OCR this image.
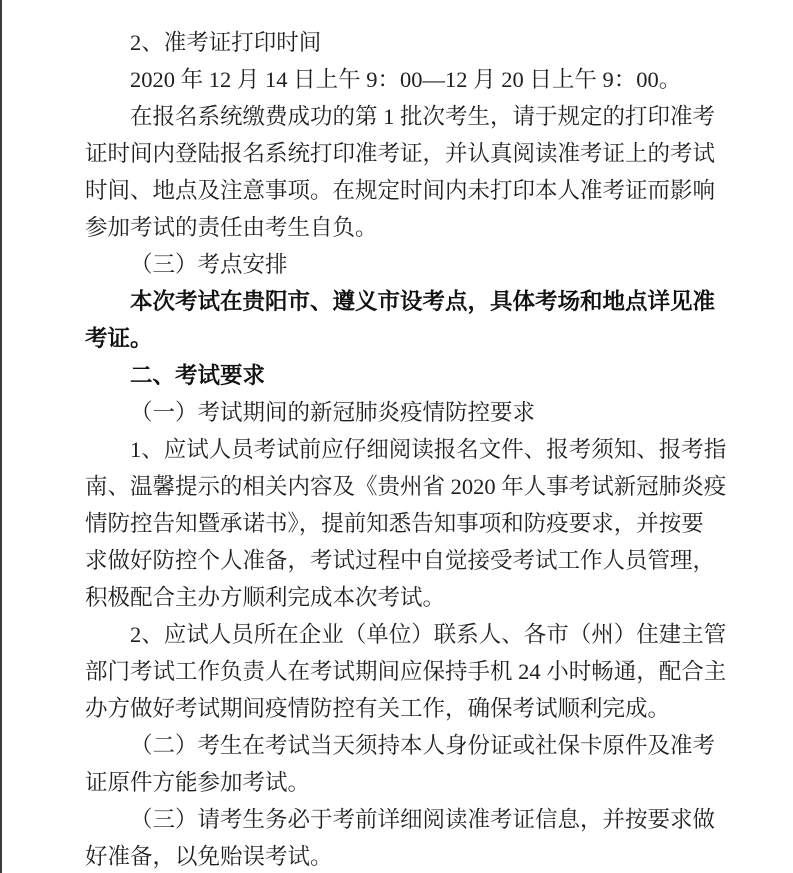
2、准考证打印时间
2020 年 12 月 14 日上午 9：00—12 月 20 日上午 9：00。
在报名系统缴费成功的第 1 批次考生，请于规定的打印准考
证时间内登陆报名系统打印准考证，并认真阅读准考证上的考试
时间、地点及注意事项。在规定时间内未打印本人准考证而影响
参加考试的责任由考生自负。
（三）考点安排
本次考试在贵阳市、遵义市设考点，具体考场和地点详见准
考证。
二、考试要求
（一）考试期间的新冠肺炎疫情防控要求
1、应试人员考试前应仔细阅读报名文件、报考须知、报考指
南、温馨提示的相关内容及《贵州省 2020 年人事考试新冠肺炎疫
情防控告知暨承诺书》，提前知悉告知事项和防疫要求，并按要
求做好防控个人准备，考试过程中自觉接受考试工作人员管理，
积极配合主办方顺利完成本次考试。
2、应试人员所在企业（单位）联系人、各市（州）住建主管
部门考试工作负责人在考试期间应保持手机 24 小时畅通，配合主
办方做好考试期间疫情防控有关工作，确保考试顺利完成。
（二）考生在考试当天须持本人身份证或社保卡原件及准考
证原件方能参加考试。
（三）请考生务必于考前详细阅读准考证信息，并按要求做
好准备，以免贻误考试。
